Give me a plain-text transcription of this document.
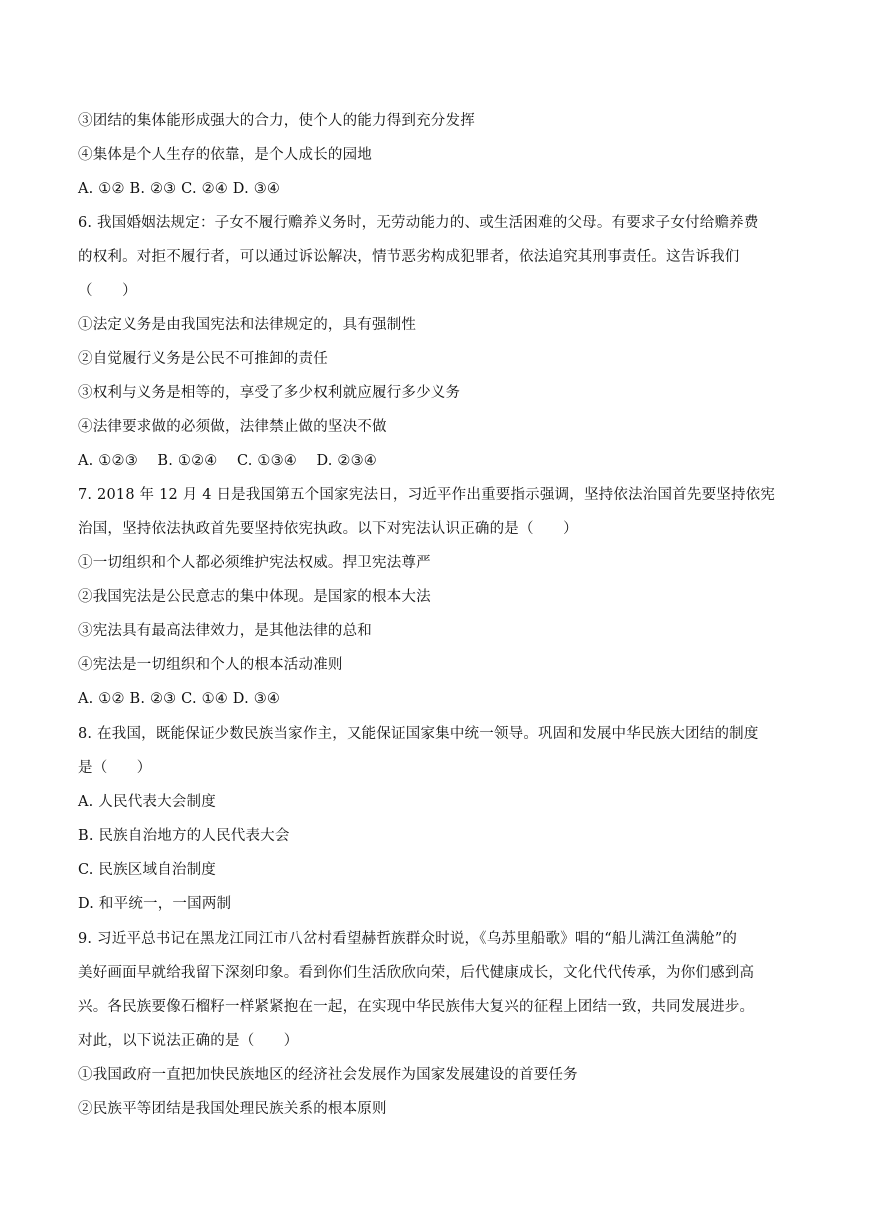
③团结的集体能形成强大的合力，使个人的能力得到充分发挥
④集体是个人生存的依靠，是个人成长的园地
A. ①② B. ②③ C. ②④ D. ③④
6. 我国婚姻法规定：子女不履行赡养义务时，无劳动能力的、或生活困难的父母。有要求子女付给赡养费
的权利。对拒不履行者，可以通过诉讼解决，情节恶劣构成犯罪者，依法追究其刑事责任。这告诉我们
（　　）
①法定义务是由我国宪法和法律规定的，具有强制性
②自觉履行义务是公民不可推卸的责任
③权利与义务是相等的，享受了多少权利就应履行多少义务
④法律要求做的必须做，法律禁止做的坚决不做
A. ①②③　 B. ①②④　 C. ①③④　 D. ②③④
7. 2018 年 12 月 4 日是我国第五个国家宪法日，习近平作出重要指示强调，坚持依法治国首先要坚持依宪
治国，坚持依法执政首先要坚持依宪执政。以下对宪法认识正确的是（　　）
①一切组织和个人都必须维护宪法权威。捍卫宪法尊严
②我国宪法是公民意志的集中体现。是国家的根本大法
③宪法具有最高法律效力，是其他法律的总和
④宪法是一切组织和个人的根本活动准则
A. ①② B. ②③ C. ①④ D. ③④
8. 在我国，既能保证少数民族当家作主，又能保证国家集中统一领导。巩固和发展中华民族大团结的制度
是（　　）
A. 人民代表大会制度
B. 民族自治地方的人民代表大会
C. 民族区域自治制度
D. 和平统一，一国两制
9. 习近平总书记在黑龙江同江市八岔村看望赫哲族群众时说，《乌苏里船歌》唱的“船儿满江鱼满舱”的
美好画面早就给我留下深刻印象。看到你们生活欣欣向荣，后代健康成长，文化代代传承，为你们感到高
兴。各民族要像石榴籽一样紧紧抱在一起，在实现中华民族伟大复兴的征程上团结一致，共同发展进步。
对此，以下说法正确的是（　　）
①我国政府一直把加快民族地区的经济社会发展作为国家发展建设的首要任务
②民族平等团结是我国处理民族关系的根本原则
